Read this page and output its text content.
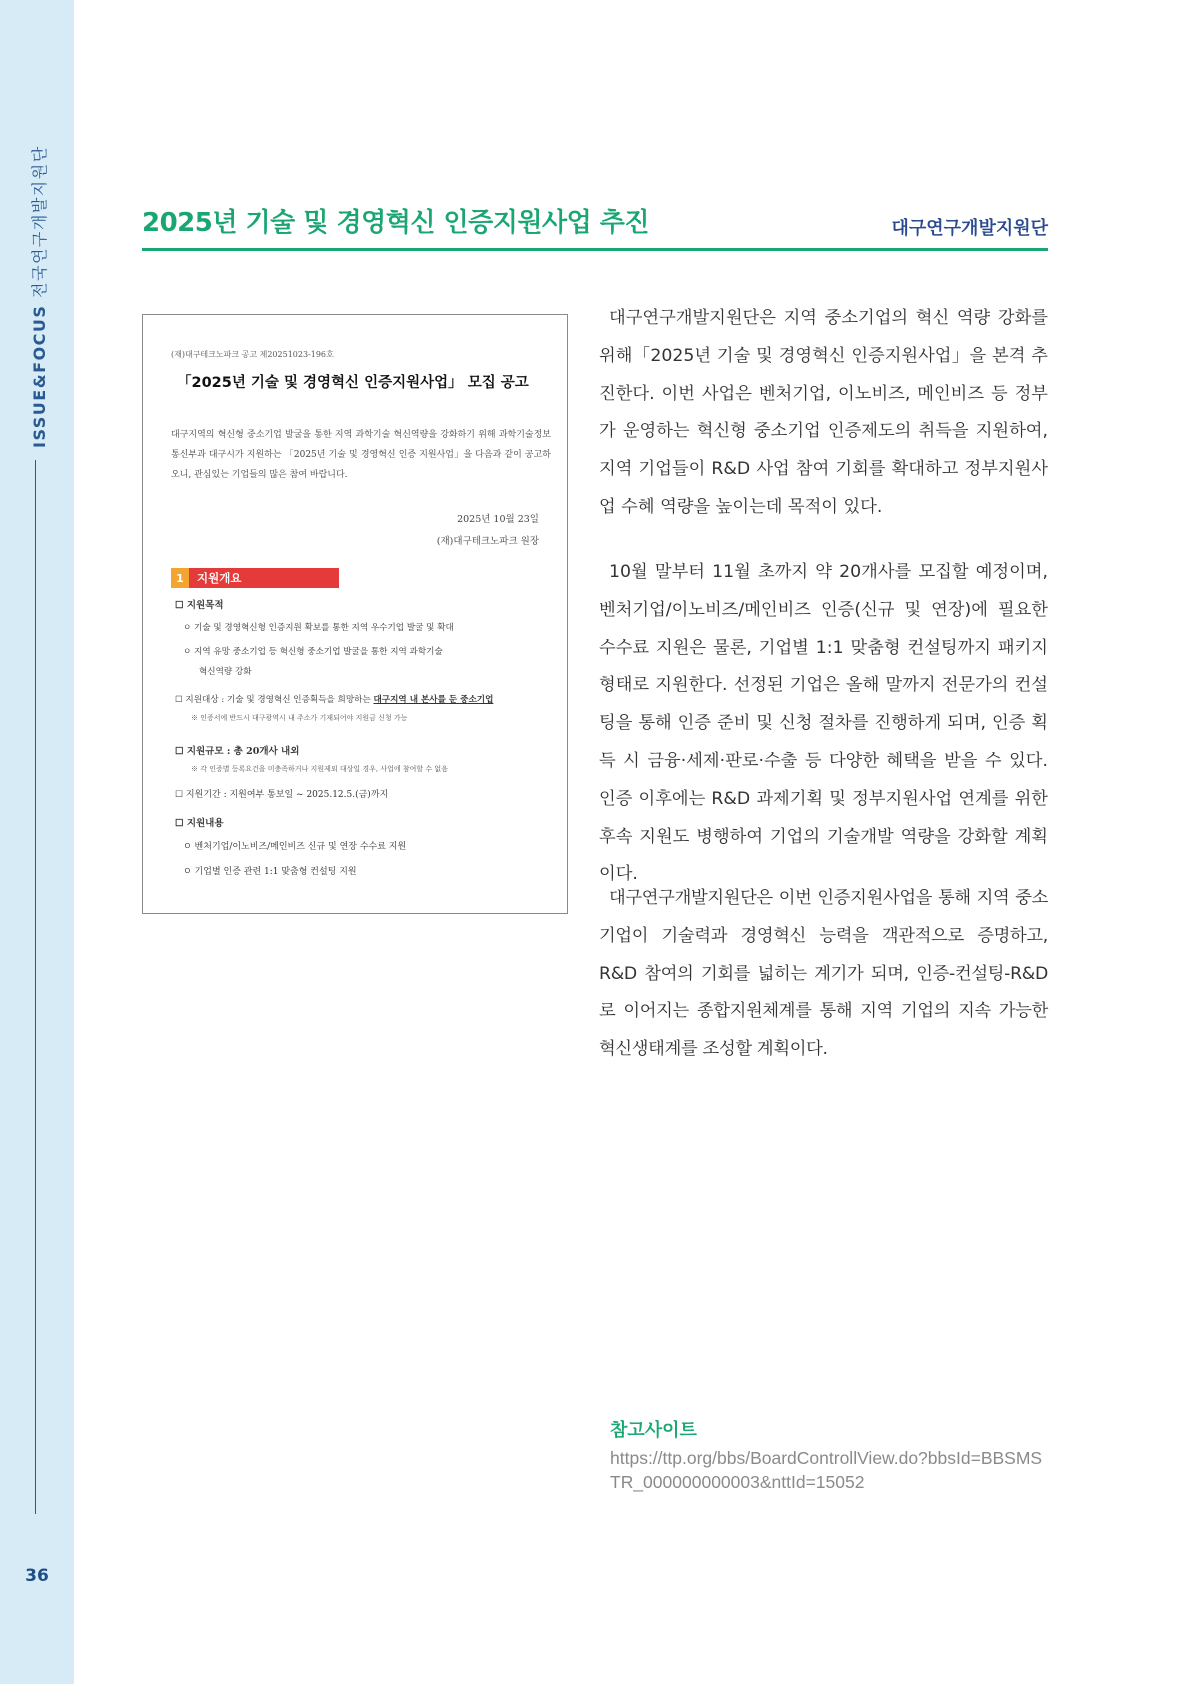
ISSUE&FOCUS 전국연구개발지원단
36
2025년 기술 및 경영혁신 인증지원사업 추진	대구연구개발지원단
(재)대구테크노파크 공고 제20251023-196호
「2025년 기술 및 경영혁신 인증지원사업」 모집 공고
대구지역의 혁신형 중소기업 발굴을 통한 지역 과학기술 혁신역량을 강화하기 위해 과학기술정보통신부과 대구시가 지원하는 「2025년 기술 및 경영혁신 인증 지원사업」을 다음과 같이 공고하오니, 관심있는 기업들의 많은 참여 바랍니다.
2025년 10월 23일
(재)대구테크노파크 원장
1	지원개요
☐ 지원목적
ㅇ 기술 및 경영혁신형 인증지원 확보를 통한 지역 우수기업 발굴 및 확대
ㅇ 지역 유망 중소기업 등 혁신형 중소기업 발굴을 통한 지역 과학기술
혁신역량 강화
☐ 지원대상 : 기술 및 경영혁신 인증획득을 희망하는 대구지역 내 본사를 둔 중소기업
※ 인증서에 반드시 대구광역시 내 주소가 기재되어야 지원금 신청 가능
☐ 지원규모 : 총 20개사 내외
※ 각 인증별 등록요건을 미충족하거나 지원제외 대상일 경우, 사업에 참여할 수 없음
☐ 지원기간 : 지원여부 통보일 ~ 2025.12.5.(금)까지
☐ 지원내용
ㅇ 벤처기업/이노비즈/메인비즈 신규 및 연장 수수료 지원
ㅇ 기업별 인증 관련 1:1 맞춤형 컨설팅 지원

대구연구개발지원단은 지역 중소기업의 혁신 역량 강화를 위해「2025년 기술 및 경영혁신 인증지원사업」을 본격 추진한다. 이번 사업은 벤처기업, 이노비즈, 메인비즈 등 정부가 운영하는 혁신형 중소기업 인증제도의 취득을 지원하여, 지역 기업들이 R&D 사업 참여 기회를 확대하고 정부지원사업 수혜 역량을 높이는데 목적이 있다.

10월 말부터 11월 초까지 약 20개사를 모집할 예정이며, 벤처기업/이노비즈/메인비즈 인증(신규 및 연장)에 필요한 수수료 지원은 물론, 기업별 1:1 맞춤형 컨설팅까지 패키지 형태로 지원한다. 선정된 기업은 올해 말까지 전문가의 컨설팅을 통해 인증 준비 및 신청 절차를 진행하게 되며, 인증 획득 시 금융·세제·판로·수출 등 다양한 혜택을 받을 수 있다. 인증 이후에는 R&D 과제기획 및 정부지원사업 연계를 위한 후속 지원도 병행하여 기업의 기술개발 역량을 강화할 계획이다.

대구연구개발지원단은 이번 인증지원사업을 통해 지역 중소기업이 기술력과 경영혁신 능력을 객관적으로 증명하고, R&D 참여의 기회를 넓히는 계기가 되며, 인증-컨설팅-R&D로 이어지는 종합지원체계를 통해 지역 기업의 지속 가능한 혁신생태계를 조성할 계획이다.

참고사이트
https://ttp.org/bbs/BoardControllView.do?bbsId=BBSMSTR_000000000003&nttId=15052
